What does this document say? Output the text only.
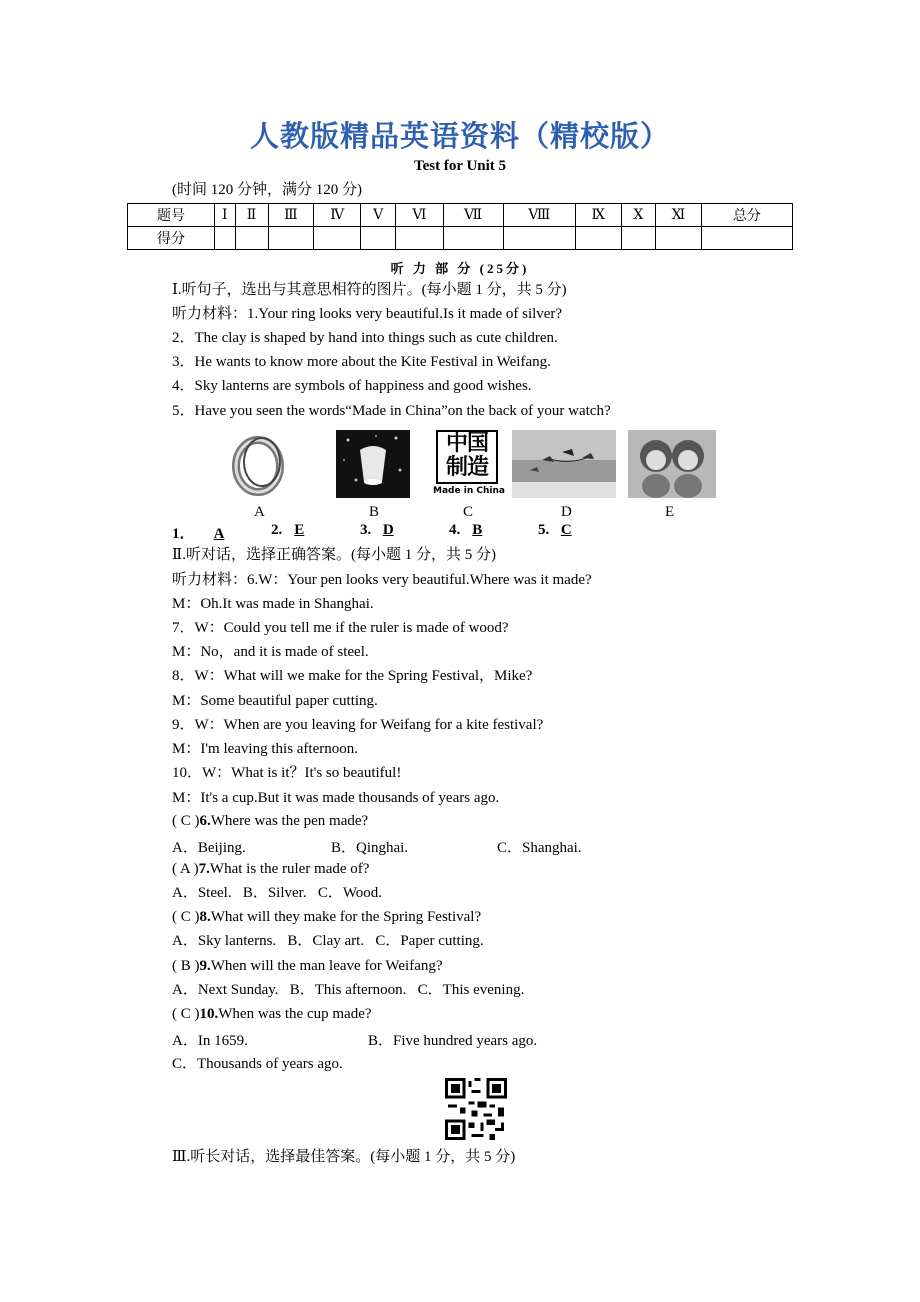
人教版精品英语资料（精校版）
Test for Unit 5
(时间 120 分钟，满分 120 分)
题号	Ⅰ	Ⅱ	Ⅲ	Ⅳ	Ⅴ	Ⅵ	Ⅶ	Ⅷ	Ⅸ	Ⅹ	Ⅺ	总分
得分												
听 力 部 分 (25分)
Ⅰ.听句子，选出与其意思相符的图片。(每小题 1 分，共 5 分)
听力材料：1.Your ring looks very beautiful.Is it made of silver?
2．The clay is shaped by hand into things such as cute children.
3．He wants to know more about the Kite Festival in Weifang.
4．Sky lanterns are symbols of happiness and good wishes.
5．Have you seen the words“Made in China”on the back of your watch?
中国制造
Made in China
A	B	C	D	E
1． A	2. E	3. D	4. B	5. C
Ⅱ.听对话，选择正确答案。(每小题 1 分，共 5 分)
听力材料：6.W：Your pen looks very beautiful.Where was it made?
M：Oh.It was made in Shanghai.
7．W：Could you tell me if the ruler is made of wood?
M：No，and it is made of steel.
8．W：What will we make for the Spring Festival，Mike?
M：Some beautiful paper cutting.
9．W：When are you leaving for Weifang for a kite festival?
M：I'm leaving this afternoon.
10．W：What is it？It's so beautiful!
M：It's a cup.But it was made thousands of years ago.
( C )6.Where was the pen made?
A．Beijing.	B．Qinghai.	C．Shanghai.
( A )7.What is the ruler made of?
A．Steel.   B．Silver.   C．Wood.
( C )8.What will they make for the Spring Festival?
A．Sky lanterns.   B．Clay art.   C．Paper cutting.
( B )9.When will the man leave for Weifang?
A．Next Sunday.   B．This afternoon.   C．This evening.
( C )10.When was the cup made?
A．In 1659.	B．Five hundred years ago.
C．Thousands of years ago.
Ⅲ.听长对话，选择最佳答案。(每小题 1 分，共 5 分)
